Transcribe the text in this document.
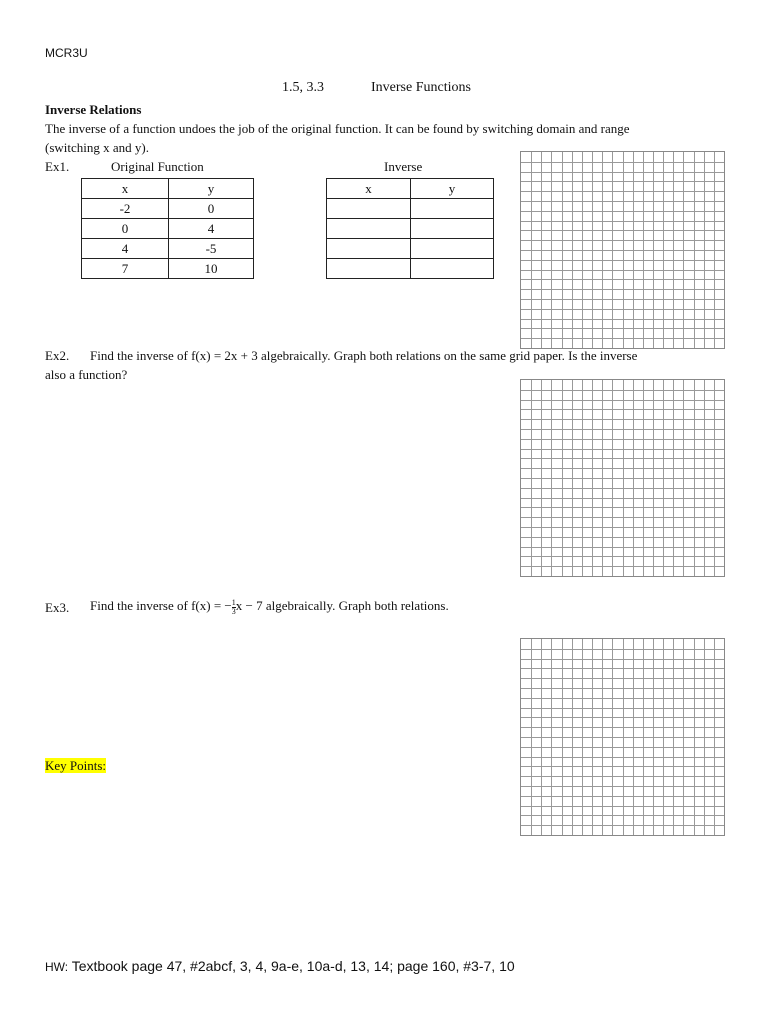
MCR3U
1.5, 3.3	Inverse Functions
Inverse Relations
The inverse of a function undoes the job of the original function. It can be found by switching domain and range
(switching x and y).
Ex1.	Original Function	Inverse
x	y
-2	0
0	4
4	-5
7	10
x	y

Ex2. Find the inverse of f(x) = 2x + 3 algebraically. Graph both relations on the same grid paper. Is the inverse
also a function?
Ex3. Find the inverse of f(x) = − $\frac{1}{3}$ x − 7 algebraically. Graph both relations.
Key Points:
HW: Textbook page 47, #2abcf, 3, 4, 9a-e, 10a-d, 13, 14; page 160, #3-7, 10
